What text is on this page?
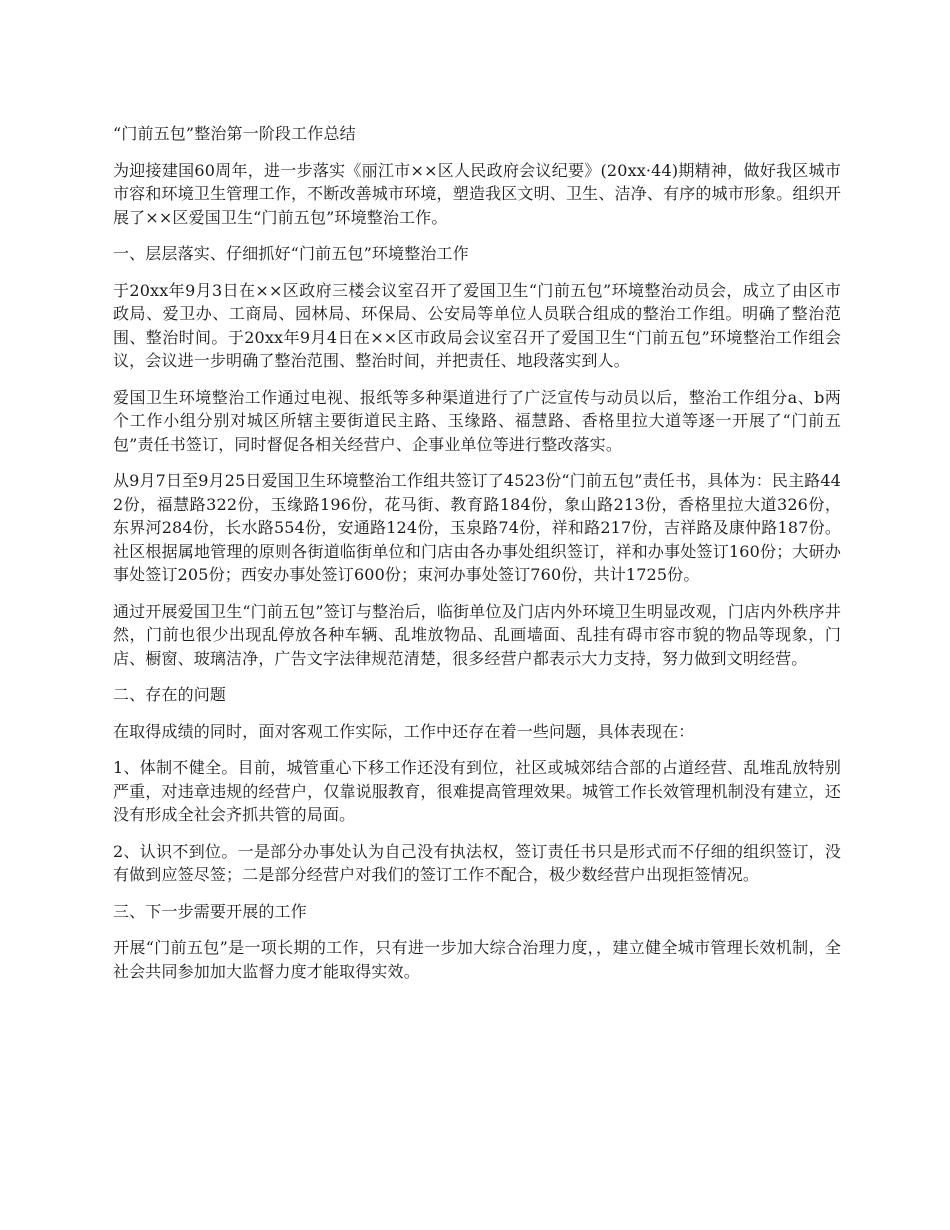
“门前五包”整治第一阶段工作总结

为迎接建国60周年，进一步落实《丽江市××区人民政府会议纪要》(20xx·44)期精神，做好我区城市市容和环境卫生管理工作，不断改善城市环境，塑造我区文明、卫生、洁净、有序的城市形象。组织开展了××区爱国卫生“门前五包”环境整治工作。

一、层层落实、仔细抓好“门前五包”环境整治工作

于20xx年9月3日在××区政府三楼会议室召开了爱国卫生“门前五包”环境整治动员会，成立了由区市政局、爱卫办、工商局、园林局、环保局、公安局等单位人员联合组成的整治工作组。明确了整治范围、整治时间。于20xx年9月4日在××区市政局会议室召开了爱国卫生“门前五包”环境整治工作组会议，会议进一步明确了整治范围、整治时间，并把责任、地段落实到人。

爱国卫生环境整治工作通过电视、报纸等多种渠道进行了广泛宣传与动员以后，整治工作组分a、b两个工作小组分别对城区所辖主要街道民主路、玉缘路、福慧路、香格里拉大道等逐一开展了“门前五包”责任书签订，同时督促各相关经营户、企事业单位等进行整改落实。

从9月7日至9月25日爱国卫生环境整治工作组共签订了4523份“门前五包”责任书，具体为：民主路442份，福慧路322份，玉缘路196份，花马街、教育路184份，象山路213份，香格里拉大道326份，东界河284份，长水路554份，安通路124份，玉泉路74份，祥和路217份，吉祥路及康仲路187份。社区根据属地管理的原则各街道临街单位和门店由各办事处组织签订，祥和办事处签订160份；大研办事处签订205份；西安办事处签订600份；束河办事处签订760份，共计1725份。

通过开展爱国卫生“门前五包”签订与整治后，临街单位及门店内外环境卫生明显改观，门店内外秩序井然，门前也很少出现乱停放各种车辆、乱堆放物品、乱画墙面、乱挂有碍市容市貌的物品等现象，门店、橱窗、玻璃洁净，广告文字法律规范清楚，很多经营户都表示大力支持，努力做到文明经营。

二、存在的问题

在取得成绩的同时，面对客观工作实际，工作中还存在着一些问题，具体表现在：

1、体制不健全。目前，城管重心下移工作还没有到位，社区或城郊结合部的占道经营、乱堆乱放特别严重，对违章违规的经营户，仅靠说服教育，很难提高管理效果。城管工作长效管理机制没有建立，还没有形成全社会齐抓共管的局面。

2、认识不到位。一是部分办事处认为自己没有执法权，签订责任书只是形式而不仔细的组织签订，没有做到应签尽签；二是部分经营户对我们的签订工作不配合，极少数经营户出现拒签情况。

三、下一步需要开展的工作

开展“门前五包”是一项长期的工作，只有进一步加大综合治理力度，，建立健全城市管理长效机制，全社会共同参加加大监督力度才能取得实效。
